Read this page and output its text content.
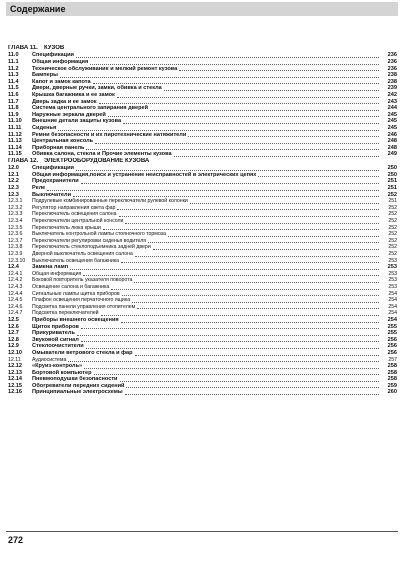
Содержание
ГЛАВА 11.	КУЗОВ
11.0	Спецификации	236
11.1	Общая информация	236
11.2	Техническое обслуживание и мелкий ремонт кузова	236
11.3	Бамперы	238
11.4	Капот и замок капота	238
11.5	Двери, дверные ручки, замки, обивка и стекла	239
11.6	Крышка багажника и ее замок	242
11.7	Дверь задка и ее замок	243
11.8	Система центрального запирания дверей	244
11.9	Наружные зеркала дверей	245
11.10	Внешние детали защиты кузова	245
11.11	Сиденья	245
11.12	Ремни безопасности и их пиротехнические натяжители	246
11.13	Центральная консоль	248
11.14	Приборная панель	248
11.15	Обивка салона, стекла и Прочие элементы кузова	249
ГЛАВА 12. ЭЛЕКТРООБОРУДОВАНИЕ КУЗОВА
12.0	Спецификации	250
12.1	Общая информация,поиск и устранение неисправностей в электрических цепях	250
12.2	Предохранители	251
12.3	Реле	251
12.3	Выключатели	252
12.3.1	Подрулевые комбинированные переключатели рулевой колонки	251
12.3.2	Регулятор направления света фар	252
12.3.3	Переключатель освещения салона	252
12.3.4	Переключатели центральной консоли	252
12.3.5	Переключатель люка крыши	252
12.3.6	Выключатель контрольной лампы стояночного тормоза	252
12.3.7	Переключатели регулировки сиденья водителя	252
12.3.8	Переключатель стеклоподъемника задней двери	252
12.3.9	Дверной выключатель освещения салона	252
12.3.10	Выключатель освещения багажника	253
12.4	Замена ламп	253
12.4.1	Общая информация	253
12.4.2	Боковой повторитель указателя поворота	253
12.4.3	Освещение салона и багажника	253
12.4.4	Сигнальные лампы щитка приборов	254
12.4.5	Плафон освещения перчаточного ящика	254
12.4.6	Подсветка панели управления отопителем	254
12.4.7	Подсветка переключателей	254
12.5	Приборы внешнего освещения	254
12.6	Щиток приборов	255
12.7	Прикуриватель	255
12.8	Звуковой сигнал	256
12.9	Стеклоочистители	256
12.10	Омыватели ветрового стекла и фар	256
12.11	Аудиосистема	257
12.12	«Круиз-контроль»	258
12.13	Бортовой компьютер	258
12.14	Пневмоподушки безопасности	258
12.15	Обогреватели передних сидений	259
12.16	Принципиальные электросхемы	260
272
